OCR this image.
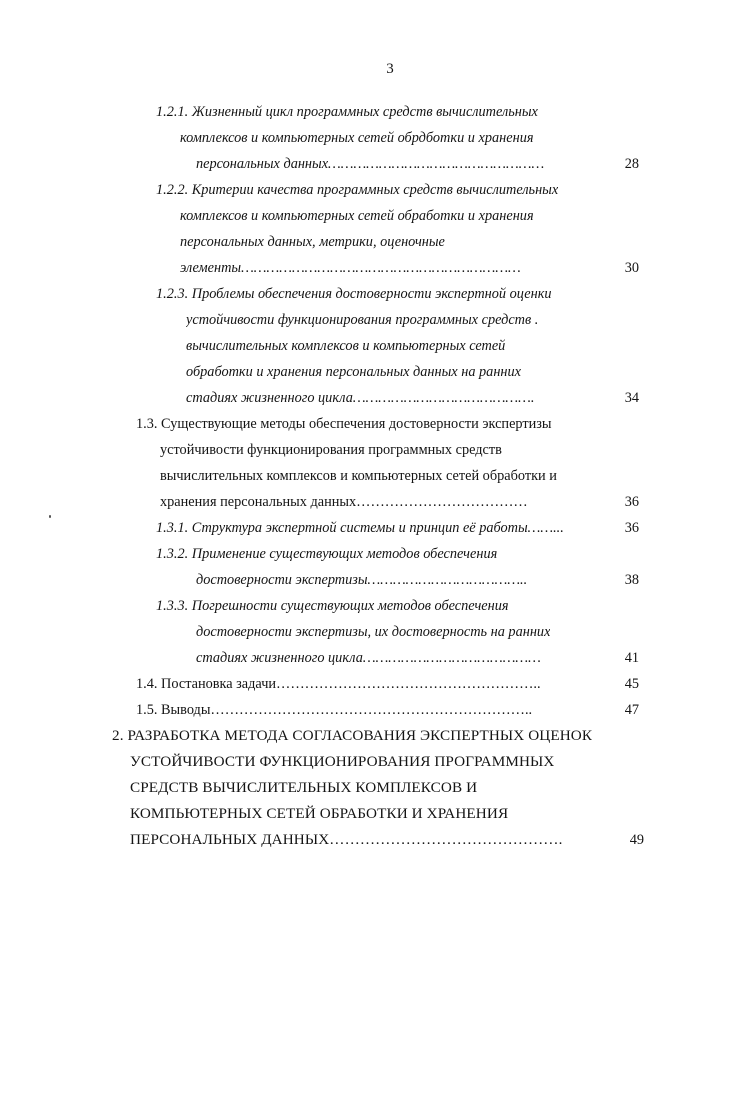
3
1.2.1. Жизненный цикл программных средств вычислительных
комплексов и компьютерных сетей обрдботки и хранения
персональных данных……………………………………………	28
1.2.2. Критерии качества программных средств вычислительных
комплексов и компьютерных сетей обработки и хранения
персональных данных, метрики, оценочные
элементы…………………………………………………………	30
1.2.3. Проблемы обеспечения достоверности экспертной оценки
устойчивости функционирования программных средств .
вычислительных комплексов и компьютерных сетей
обработки и хранения персональных данных на ранних
стадиях жизненного цикла…………………………………….	34
1.3. Существующие методы обеспечения достоверности экспертизы
устойчивости функционирования программных средств
вычислительных комплексов и компьютерных сетей обработки и
хранения персональных данных………………………………	36
1.3.1. Структура экспертной системы и принцип её работы……...	36
1.3.2. Применение существующих методов обеспечения
достоверности экспертизы………………………………..	38
1.3.3. Погрешности существующих методов обеспечения
достоверности экспертизы, их достоверность на ранних
стадиях жизненного цикла……………………………………	41
1.4. Постановка задачи………………………………………………..	45
1.5. Выводы…………………………………………………………..	47
2. РАЗРАБОТКА МЕТОДА СОГЛАСОВАНИЯ ЭКСПЕРТНЫХ ОЦЕНОК
УСТОЙЧИВОСТИ ФУНКЦИОНИРОВАНИЯ ПРОГРАММНЫХ
СРЕДСТВ ВЫЧИСЛИТЕЛЬНЫХ КОМПЛЕКСОВ И
КОМПЬЮТЕРНЫХ СЕТЕЙ ОБРАБОТКИ И ХРАНЕНИЯ
ПЕРСОНАЛЬНЫХ ДАННЫХ……………………………………….	49
